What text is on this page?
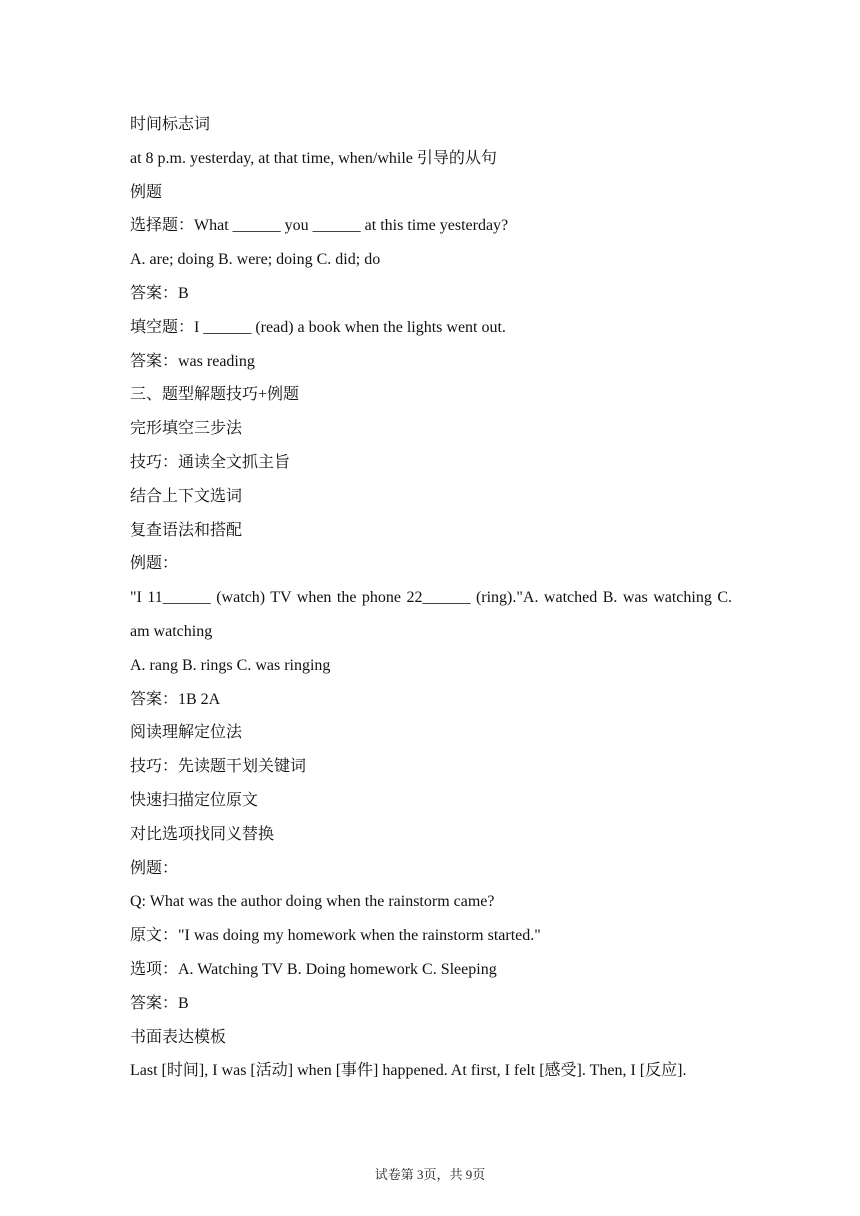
时间标志词
at 8 p.m. yesterday, at that time, when/while 引导的从句
例题
选择题：What ______ you ______ at this time yesterday?
A. are; doing B. were; doing C. did; do
答案：B
填空题：I ______ (read) a book when the lights went out.
答案：was reading
三、题型解题技巧+例题
完形填空三步法
技巧：通读全文抓主旨
结合上下文选词
复查语法和搭配
例题：
"I 11______ (watch) TV when the phone 22______ (ring)."A. watched B. was watching C. am watching
A. rang B. rings C. was ringing
答案：1B 2A
阅读理解定位法
技巧：先读题干划关键词
快速扫描定位原文
对比选项找同义替换
例题：
Q: What was the author doing when the rainstorm came?
原文："I was doing my homework when the rainstorm started."
选项：A. Watching TV B. Doing homework C. Sleeping
答案：B
书面表达模板
Last [时间], I was [活动] when [事件] happened. At first, I felt [感受]. Then, I [反应].
试卷第 3页，共 9页
